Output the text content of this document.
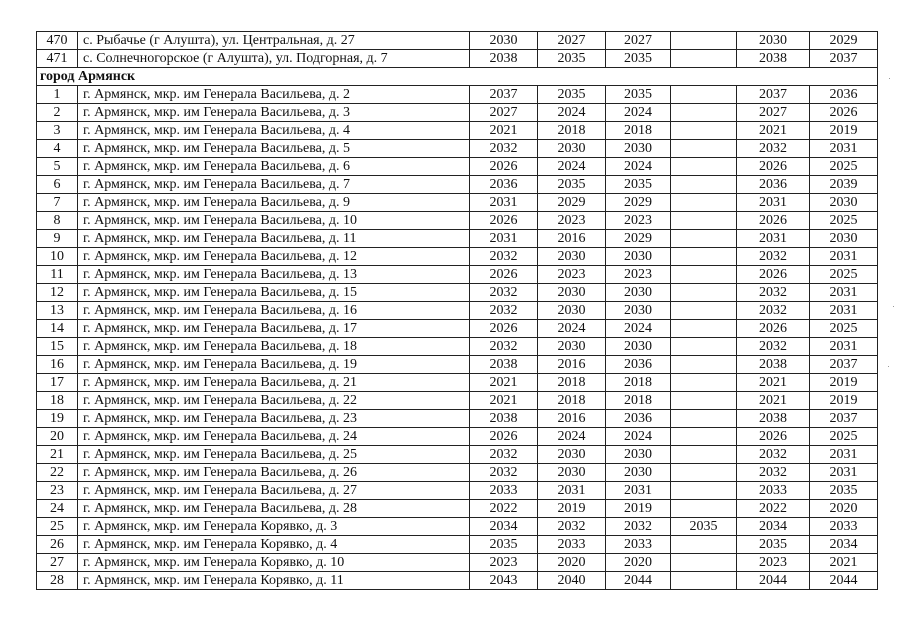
470	с. Рыбачье (г Алушта), ул. Центральная, д. 27	2030	2027	2027		2030	2029
471	с. Солнечногорское (г Алушта), ул. Подгорная, д. 7	2038	2035	2035		2038	2037
город Армянск							
1	г. Армянск, мкр. им Генерала Васильева, д. 2	2037	2035	2035		2037	2036
2	г. Армянск, мкр. им Генерала Васильева, д. 3	2027	2024	2024		2027	2026
3	г. Армянск, мкр. им Генерала Васильева, д. 4	2021	2018	2018		2021	2019
4	г. Армянск, мкр. им Генерала Васильева, д. 5	2032	2030	2030		2032	2031
5	г. Армянск, мкр. им Генерала Васильева, д. 6	2026	2024	2024		2026	2025
6	г. Армянск, мкр. им Генерала Васильева, д. 7	2036	2035	2035		2036	2039
7	г. Армянск, мкр. им Генерала Васильева, д. 9	2031	2029	2029		2031	2030
8	г. Армянск, мкр. им Генерала Васильева, д. 10	2026	2023	2023		2026	2025
9	г. Армянск, мкр. им Генерала Васильева, д. 11	2031	2016	2029		2031	2030
10	г. Армянск, мкр. им Генерала Васильева, д. 12	2032	2030	2030		2032	2031
11	г. Армянск, мкр. им Генерала Васильева, д. 13	2026	2023	2023		2026	2025
12	г. Армянск, мкр. им Генерала Васильева, д. 15	2032	2030	2030		2032	2031
13	г. Армянск, мкр. им Генерала Васильева, д. 16	2032	2030	2030		2032	2031
14	г. Армянск, мкр. им Генерала Васильева, д. 17	2026	2024	2024		2026	2025
15	г. Армянск, мкр. им Генерала Васильева, д. 18	2032	2030	2030		2032	2031
16	г. Армянск, мкр. им Генерала Васильева, д. 19	2038	2016	2036		2038	2037
17	г. Армянск, мкр. им Генерала Васильева, д. 21	2021	2018	2018		2021	2019
18	г. Армянск, мкр. им Генерала Васильева, д. 22	2021	2018	2018		2021	2019
19	г. Армянск, мкр. им Генерала Васильева, д. 23	2038	2016	2036		2038	2037
20	г. Армянск, мкр. им Генерала Васильева, д. 24	2026	2024	2024		2026	2025
21	г. Армянск, мкр. им Генерала Васильева, д. 25	2032	2030	2030		2032	2031
22	г. Армянск, мкр. им Генерала Васильева, д. 26	2032	2030	2030		2032	2031
23	г. Армянск, мкр. им Генерала Васильева, д. 27	2033	2031	2031		2033	2035
24	г. Армянск, мкр. им Генерала Васильева, д. 28	2022	2019	2019		2022	2020
25	г. Армянск, мкр. им Генерала Корявко, д. 3	2034	2032	2032	2035	2034	2033
26	г. Армянск, мкр. им Генерала Корявко, д. 4	2035	2033	2033		2035	2034
27	г. Армянск, мкр. им Генерала Корявко, д. 10	2023	2020	2020		2023	2021
28	г. Армянск, мкр. им Генерала Корявко, д. 11	2043	2040	2044		2044	2044
